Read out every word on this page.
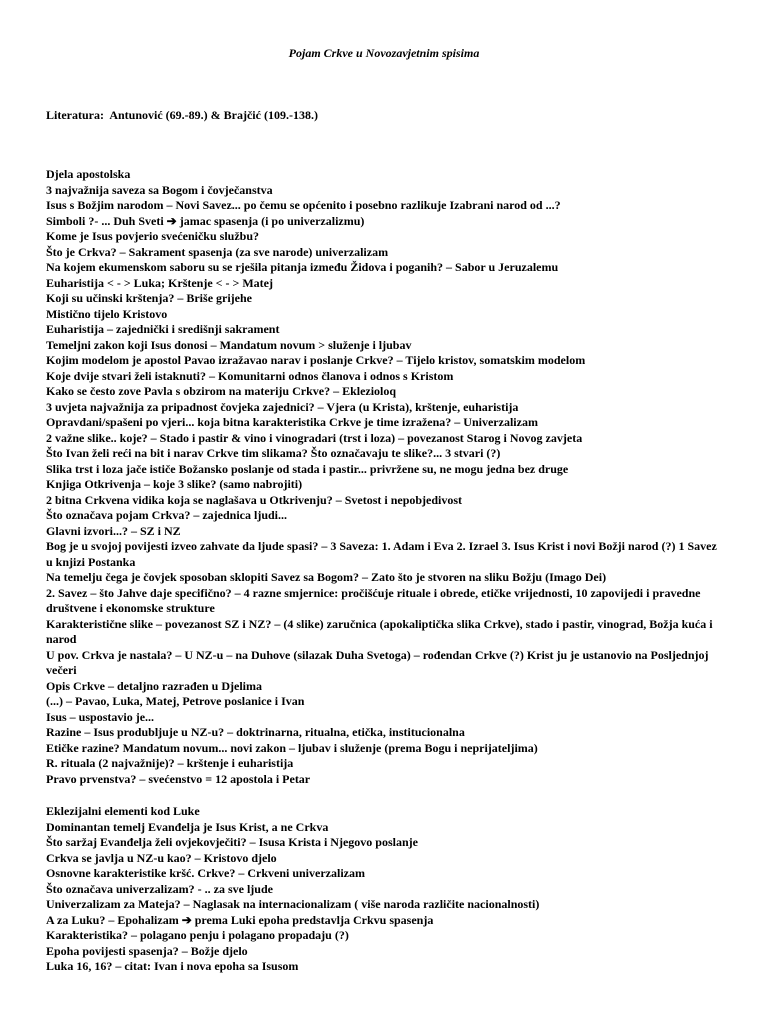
Pojam Crkve u Novozavjetnim spisima
Literatura:  Antunović (69.-89.) & Brajčić (109.-138.)
Djela apostolska
3 najvažnija saveza sa Bogom i čovječanstva
Isus s Božjim narodom – Novi Savez... po čemu se općenito i posebno razlikuje Izabrani narod od ...?
Simboli ?- ... Duh Sveti ➔ jamac spasenja (i po univerzalizmu)
Kome je Isus povjerio svećeničku službu?
Što je Crkva? – Sakrament spasenja (za sve narode) univerzalizam
Na kojem ekumenskom saboru su se rješila pitanja između Židova i poganih? – Sabor u Jeruzalemu
Euharistija < - > Luka; Krštenje < - > Matej
Koji su učinski krštenja? – Briše grijehe
Mistično tijelo Kristovo
Euharistija – zajednički i središnji sakrament
Temeljni zakon koji Isus donosi – Mandatum novum > služenje i ljubav
Kojim modelom je apostol Pavao izražavao narav i poslanje Crkve? – Tijelo kristov, somatskim modelom
Koje dvije stvari želi istaknuti? – Komunitarni odnos članova i odnos s Kristom
Kako se često zove Pavla s obzirom na materiju Crkve? – Eklezioloq
3 uvjeta najvažnija za pripadnost čovjeka zajednici? – Vjera (u Krista), krštenje, euharistija
Opravdani/spašeni po vjeri... koja bitna karakteristika Crkve je time izražena? – Univerzalizam
2 važne slike.. koje? – Stado i pastir & vino i vinogradari (trst i loza) – povezanost Starog i Novog zavjeta
Što Ivan želi reći na bit i narav Crkve tim slikama? Što označavaju te slike?... 3 stvari (?)
Slika trst i loza jače ističe Božansko poslanje od stada i pastir... privržene su, ne mogu jedna bez druge
Knjiga Otkrivenja – koje 3 slike? (samo nabrojiti)
2 bitna Crkvena vidika koja se naglašava u Otkrivenju? – Svetost i nepobjedivost
Što označava pojam Crkva? – zajednica ljudi...
Glavni izvori...? – SZ i NZ
Bog je u svojoj povijesti izveo zahvate da ljude spasi? – 3 Saveza: 1. Adam i Eva 2. Izrael 3. Isus Krist i novi Božji narod (?) 1 Savez u knjizi Postanka
Na temelju čega je čovjek sposoban sklopiti Savez sa Bogom? – Zato što je stvoren na sliku Božju (Imago Dei)
2. Savez – što Jahve daje specifično? – 4 razne smjernice: pročišćuje rituale i obrede, etičke vrijednosti, 10 zapovijedi i pravedne društvene i ekonomske strukture
Karakteristične slike – povezanost SZ i NZ? – (4 slike) zaručnica (apokaliptička slika Crkve), stado i pastir, vinograd, Božja kuća i narod
U pov. Crkva je nastala? – U NZ-u – na Duhove (silazak Duha Svetoga) – rođendan Crkve (?) Krist ju je ustanovio na Posljednjoj večeri
Opis Crkve – detaljno razrađen u Djelima
(...) – Pavao, Luka, Matej, Petrove poslanice i Ivan
Isus – uspostavio je...
Razine – Isus produbljuje u NZ-u? – doktrinarna, ritualna, etička, institucionalna
Etičke razine? Mandatum novum... novi zakon – ljubav i služenje (prema Bogu i neprijateljima)
R. rituala (2 najvažnije)? – krštenje i euharistija
Pravo prvenstva? – svećenstvo = 12 apostola i Petar
Eklezijalni elementi kod Luke
Dominantan temelj Evanđelja je Isus Krist, a ne Crkva
Što saržaj Evanđelja želi ovjekovječiti? – Isusa Krista i Njegovo poslanje
Crkva se javlja u NZ-u kao? – Kristovo djelo
Osnovne karakteristike kršć. Crkve? – Crkveni univerzalizam
Što označava univerzalizam? - .. za sve ljude
Univerzalizam za Mateja? – Naglasak na internacionalizam ( više naroda različite nacionalnosti)
A za Luku? – Epohalizam ➔ prema Luki epoha predstavlja Crkvu spasenja
Karakteristika? – polagano penju i polagano propadaju (?)
Epoha povijesti spasenja? – Božje djelo
Luka 16, 16? – citat: Ivan i nova epoha sa Isusom
